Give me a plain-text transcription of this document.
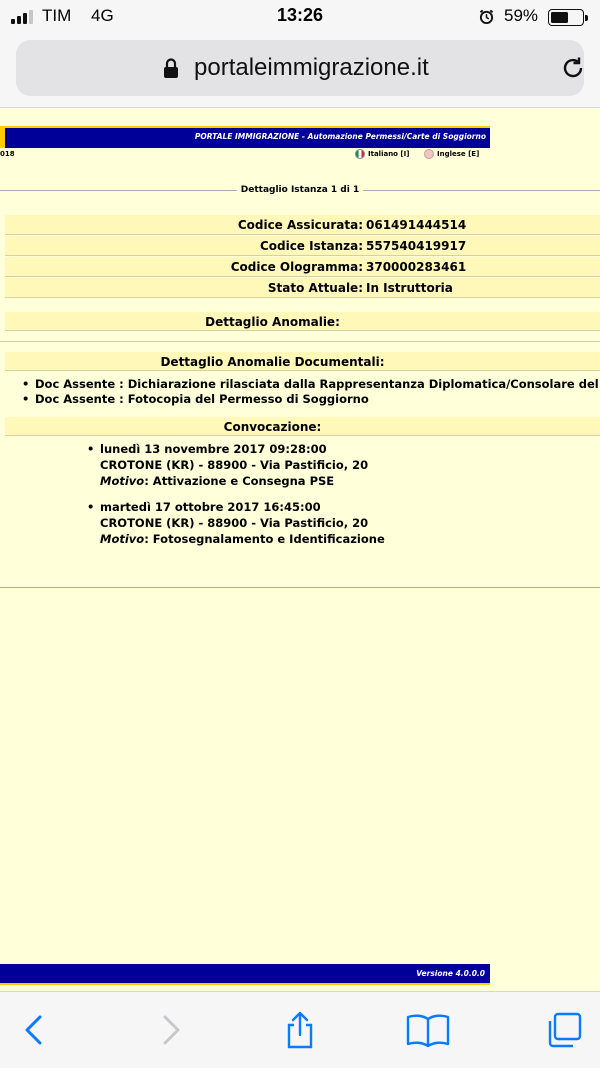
TIM 4G	13:26	59%
portaleimmigrazione.it
PORTALE IMMIGRAZIONE - Automazione Permessi/Carte di Soggiorno
018	Italiano [I]	Inglese [E]
Dettaglio Istanza 1 di 1
Codice Assicurata: 061491444514
Codice Istanza: 557540419917
Codice Ologramma: 370000283461
Stato Attuale: In Istruttoria
Dettaglio Anomalie:
Dettaglio Anomalie Documentali:
• Doc Assente : Dichiarazione rilasciata dalla Rappresentanza Diplomatica/Consolare del
• Doc Assente : Fotocopia del Permesso di Soggiorno
Convocazione:
• lunedì 13 novembre 2017 09:28:00
CROTONE (KR) - 88900 - Via Pastificio, 20
Motivo: Attivazione e Consegna PSE
• martedì 17 ottobre 2017 16:45:00
CROTONE (KR) - 88900 - Via Pastificio, 20
Motivo: Fotosegnalamento e Identificazione
Versione 4.0.0.0
